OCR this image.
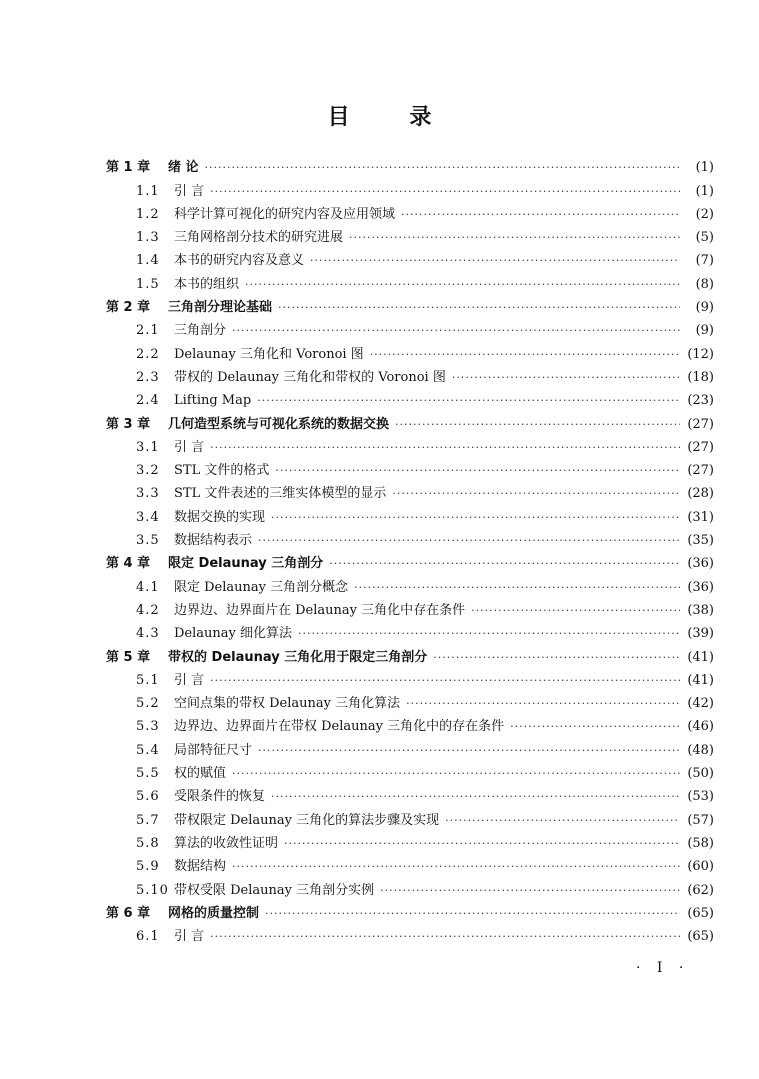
目 录
第 1 章	绪 论 ·····	(1)
1.1	引 言 ·····	(1)
1.2	科学计算可视化的研究内容及应用领域 ·····	(2)
1.3	三角网格剖分技术的研究进展 ·····	(5)
1.4	本书的研究内容及意义 ·····	(7)
1.5	本书的组织 ·····	(8)
第 2 章	三角剖分理论基础 ·····	(9)
2.1	三角剖分 ·····	(9)
2.2	Delaunay 三角化和 Voronoi 图 ·····	(12)
2.3	带权的 Delaunay 三角化和带权的 Voronoi 图 ·····	(18)
2.4	Lifting Map ·····	(23)
第 3 章	几何造型系统与可视化系统的数据交换 ·····	(27)
3.1	引 言 ·····	(27)
3.2	STL 文件的格式 ·····	(27)
3.3	STL 文件表述的三维实体模型的显示 ·····	(28)
3.4	数据交换的实现 ·····	(31)
3.5	数据结构表示 ·····	(35)
第 4 章	限定 Delaunay 三角剖分 ·····	(36)
4.1	限定 Delaunay 三角剖分概念 ·····	(36)
4.2	边界边、边界面片在 Delaunay 三角化中存在条件 ·····	(38)
4.3	Delaunay 细化算法 ·····	(39)
第 5 章	带权的 Delaunay 三角化用于限定三角剖分 ·····	(41)
5.1	引 言 ·····	(41)
5.2	空间点集的带权 Delaunay 三角化算法 ·····	(42)
5.3	边界边、边界面片在带权 Delaunay 三角化中的存在条件 ·····	(46)
5.4	局部特征尺寸 ·····	(48)
5.5	权的赋值 ·····	(50)
5.6	受限条件的恢复 ·····	(53)
5.7	带权限定 Delaunay 三角化的算法步骤及实现 ·····	(57)
5.8	算法的收敛性证明 ·····	(58)
5.9	数据结构 ·····	(60)
5.10 带权受限 Delaunay 三角剖分实例 ·····	(62)
第 6 章	网格的质量控制 ·····	(65)
6.1	引 言 ·····	(65)
· I ·
